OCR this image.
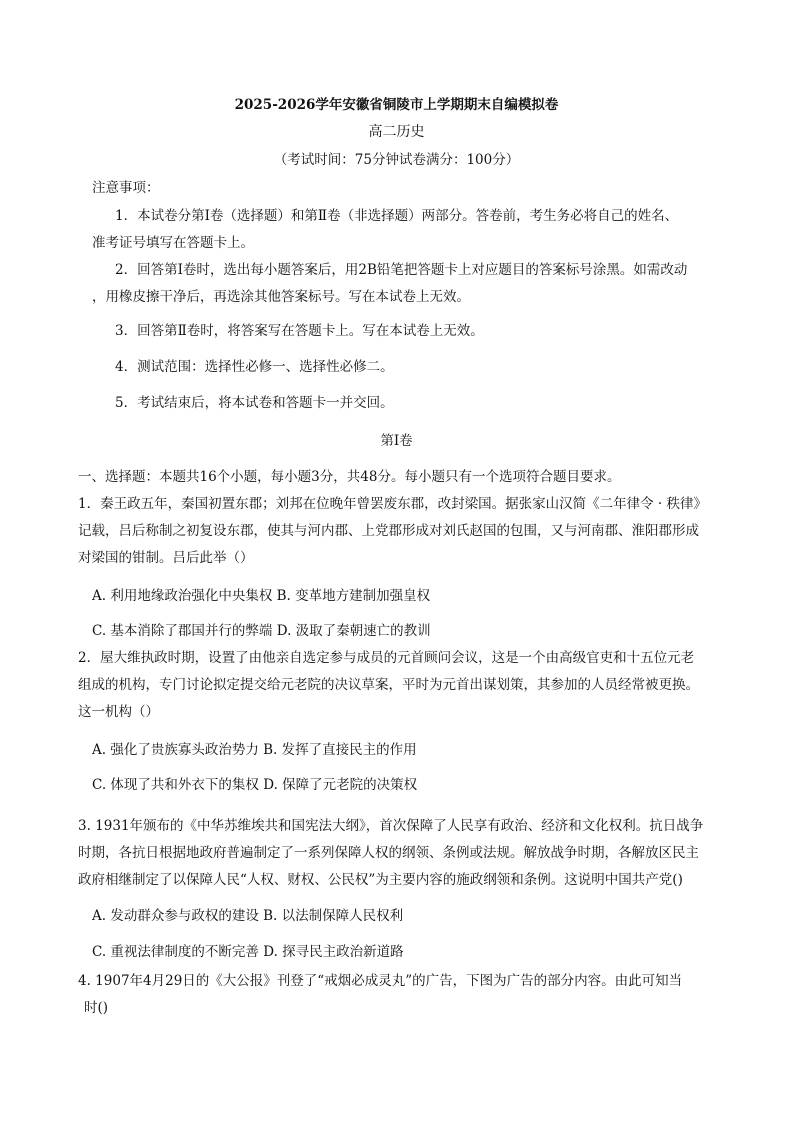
2025-2026学年安徽省铜陵市上学期期末自编模拟卷
高二历史
（考试时间：75分钟试卷满分：100分）
注意事项：
1．本试卷分第Ⅰ卷（选择题）和第Ⅱ卷（非选择题）两部分。答卷前，考生务必将自己的姓名、
准考证号填写在答题卡上。
2．回答第Ⅰ卷时，选出每小题答案后，用2B铅笔把答题卡上对应题目的答案标号涂黑。如需改动
，用橡皮擦干净后，再选涂其他答案标号。写在本试卷上无效。
3．回答第Ⅱ卷时，将答案写在答题卡上。写在本试卷上无效。
4．测试范围：选择性必修一、选择性必修二。
5．考试结束后，将本试卷和答题卡一并交回。
第Ⅰ卷
一、选择题：本题共16个小题，每小题3分，共48分。每小题只有一个选项符合题目要求。
1．秦王政五年，秦国初置东郡；刘邦在位晚年曾罢废东郡，改封梁国。据张家山汉简《二年律令 · 秩律》
记载，吕后称制之初复设东郡，使其与河内郡、上党郡形成对刘氏赵国的包围，又与河南郡、淮阳郡形成
对梁国的钳制。吕后此举（）
A. 利用地缘政治强化中央集权 B. 变革地方建制加强皇权
C. 基本消除了郡国并行的弊端 D. 汲取了秦朝速亡的教训
2．屋大维执政时期，设置了由他亲自选定参与成员的元首顾问会议，这是一个由高级官吏和十五位元老
组成的机构，专门讨论拟定提交给元老院的决议草案，平时为元首出谋划策，其参加的人员经常被更换。
这一机构（）
A. 强化了贵族寡头政治势力 B. 发挥了直接民主的作用
C. 体现了共和外衣下的集权 D. 保障了元老院的决策权
3. 1931年颁布的《中华苏维埃共和国宪法大纲》，首次保障了人民享有政治、经济和文化权利。抗日战争
时期，各抗日根据地政府普遍制定了一系列保障人权的纲领、条例或法规。解放战争时期，各解放区民主
政府相继制定了以保障人民“人权、财权、公民权”为主要内容的施政纲领和条例。这说明中国共产党()
A. 发动群众参与政权的建设 B. 以法制保障人民权利
C. 重视法律制度的不断完善 D. 探寻民主政治新道路
4. 1907年4月29日的《大公报》刊登了“戒烟必成灵丸”的广告，下图为广告的部分内容。由此可知当
时()
